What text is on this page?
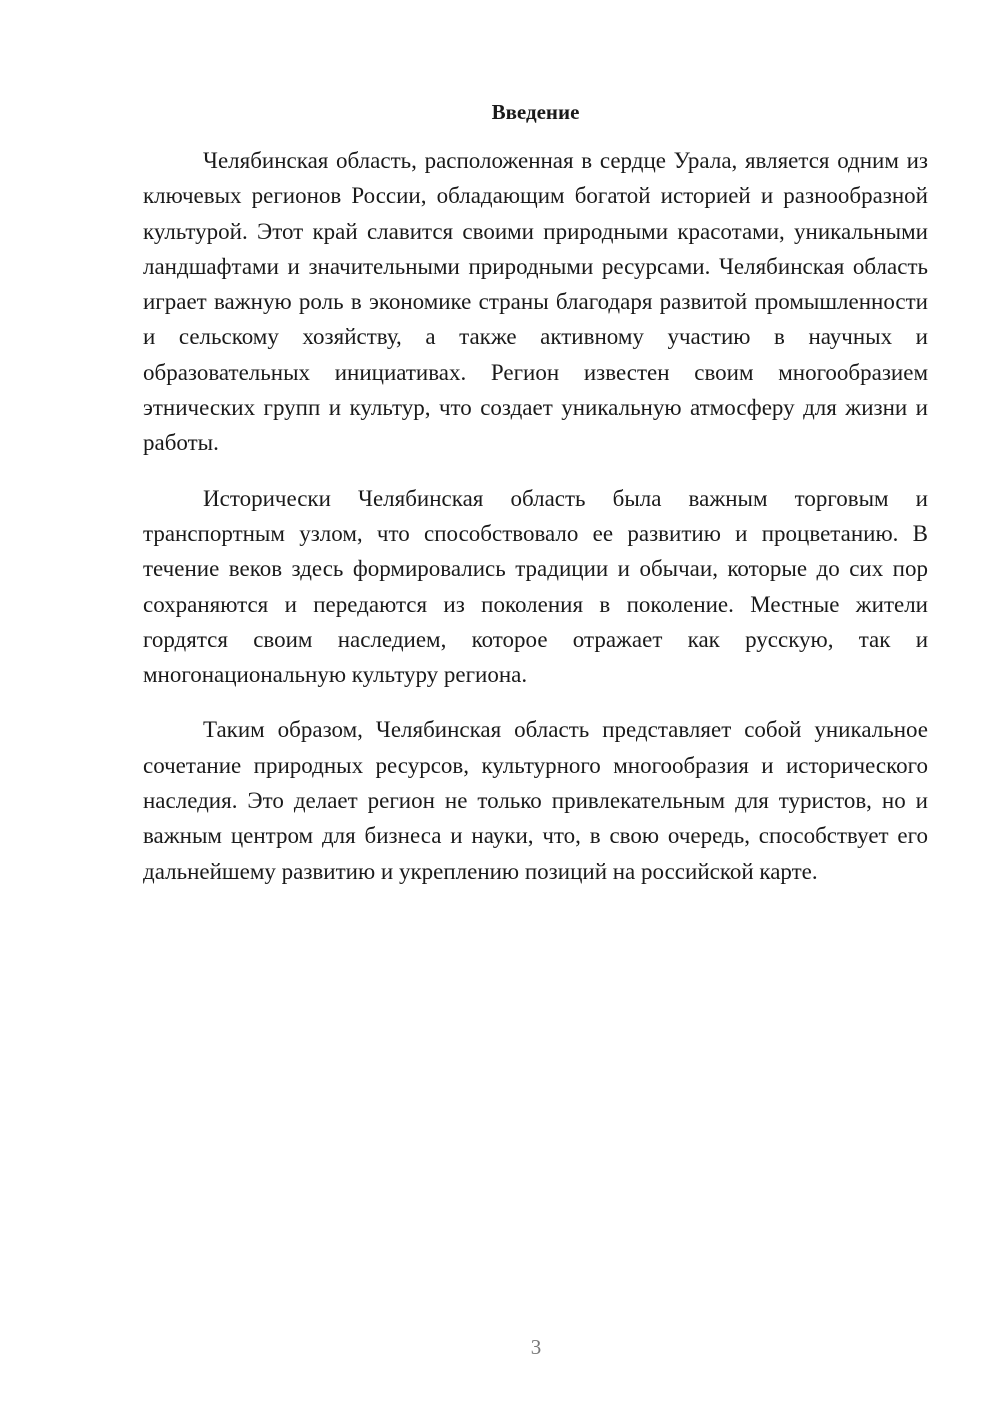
Введение

Челябинская область, расположенная в сердце Урала, является одним из ключевых регионов России, обладающим богатой историей и разнообразной культурой. Этот край славится своими природными красотами, уникальными ландшафтами и значительными природными ресурсами. Челябинская область играет важную роль в экономике страны благодаря развитой промышленности и сельскому хозяйству, а также активному участию в научных и образовательных инициативах. Регион известен своим многообразием этнических групп и культур, что создает уникальную атмосферу для жизни и работы.

Исторически Челябинская область была важным торговым и транспортным узлом, что способствовало ее развитию и процветанию. В течение веков здесь формировались традиции и обычаи, которые до сих пор сохраняются и передаются из поколения в поколение. Местные жители гордятся своим наследием, которое отражает как русскую, так и многонациональную культуру региона.

Таким образом, Челябинская область представляет собой уникальное сочетание природных ресурсов, культурного многообразия и исторического наследия. Это делает регион не только привлекательным для туристов, но и важным центром для бизнеса и науки, что, в свою очередь, способствует его дальнейшему развитию и укреплению позиций на российской карте.

3
